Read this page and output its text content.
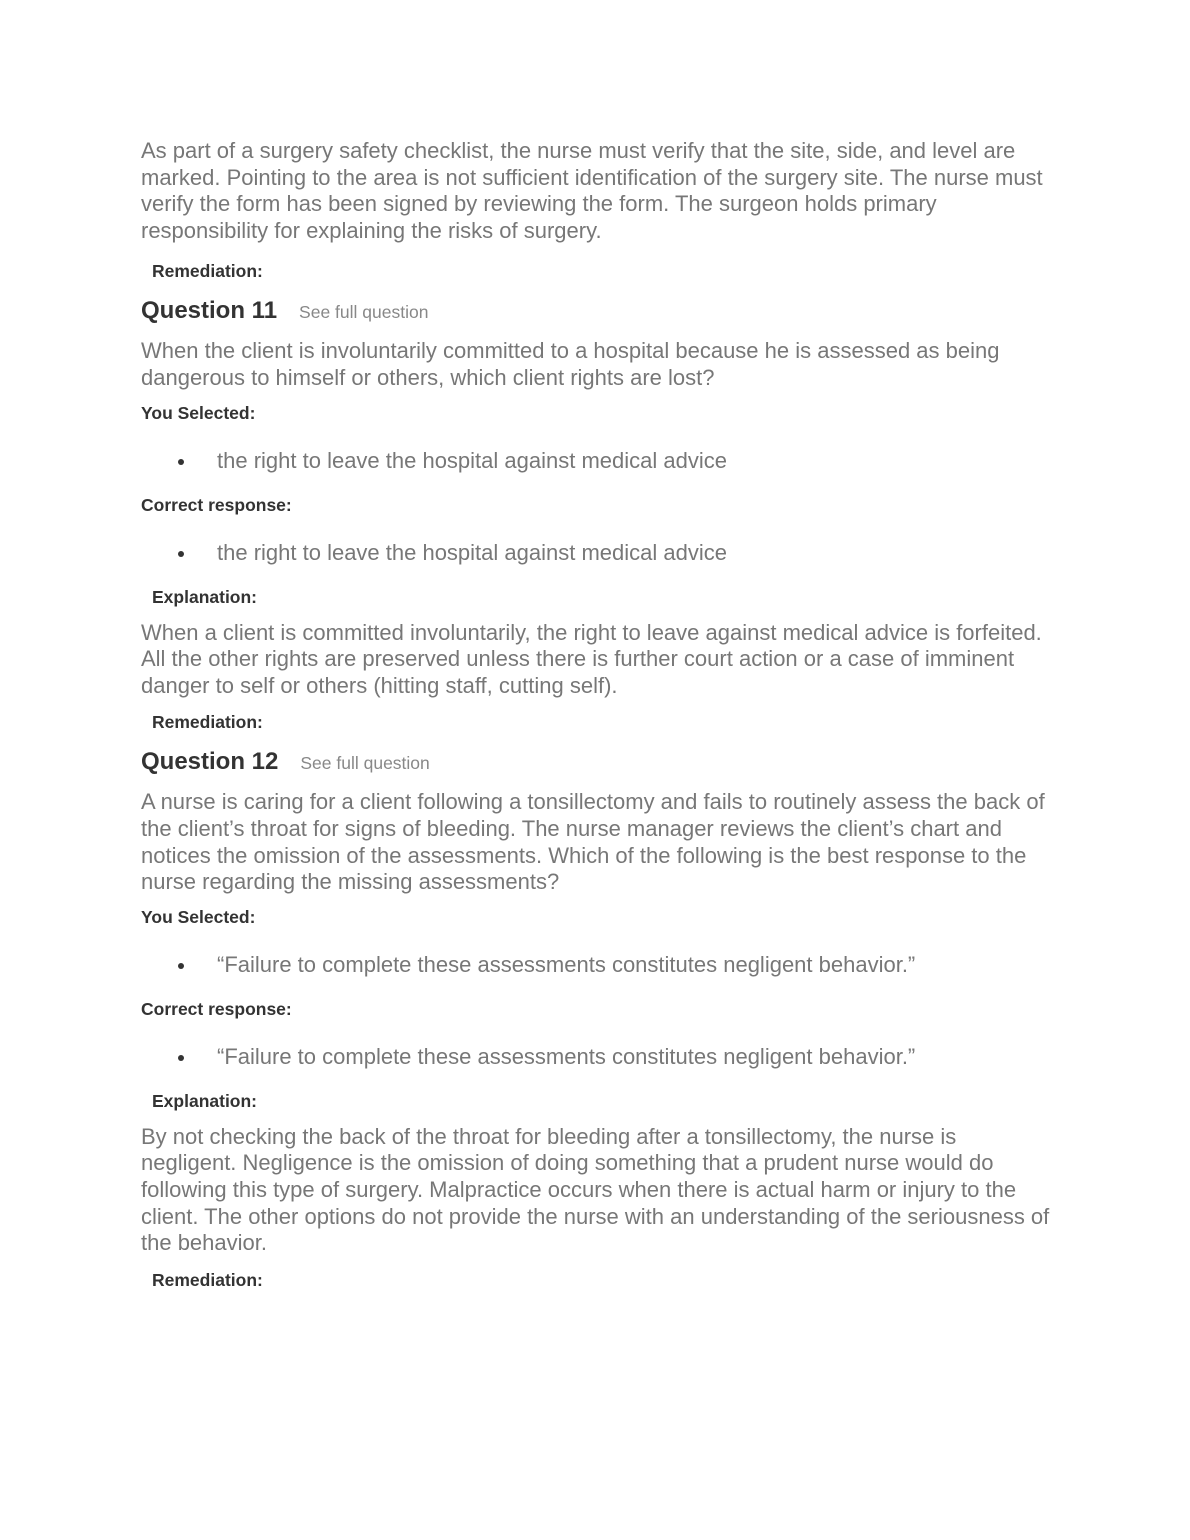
As part of a surgery safety checklist, the nurse must verify that the site, side, and level are marked. Pointing to the area is not sufficient identification of the surgery site. The nurse must verify the form has been signed by reviewing the form. The surgeon holds primary responsibility for explaining the risks of surgery.

Remediation:

Question 11 See full question

When the client is involuntarily committed to a hospital because he is assessed as being dangerous to himself or others, which client rights are lost?

You Selected:

the right to leave the hospital against medical advice

Correct response:

the right to leave the hospital against medical advice

Explanation:

When a client is committed involuntarily, the right to leave against medical advice is forfeited. All the other rights are preserved unless there is further court action or a case of imminent danger to self or others (hitting staff, cutting self).

Remediation:

Question 12 See full question

A nurse is caring for a client following a tonsillectomy and fails to routinely assess the back of the client’s throat for signs of bleeding. The nurse manager reviews the client’s chart and notices the omission of the assessments. Which of the following is the best response to the nurse regarding the missing assessments?

You Selected:

“Failure to complete these assessments constitutes negligent behavior.”

Correct response:

“Failure to complete these assessments constitutes negligent behavior.”

Explanation:

By not checking the back of the throat for bleeding after a tonsillectomy, the nurse is negligent. Negligence is the omission of doing something that a prudent nurse would do following this type of surgery. Malpractice occurs when there is actual harm or injury to the client. The other options do not provide the nurse with an understanding of the seriousness of the behavior.

Remediation:
